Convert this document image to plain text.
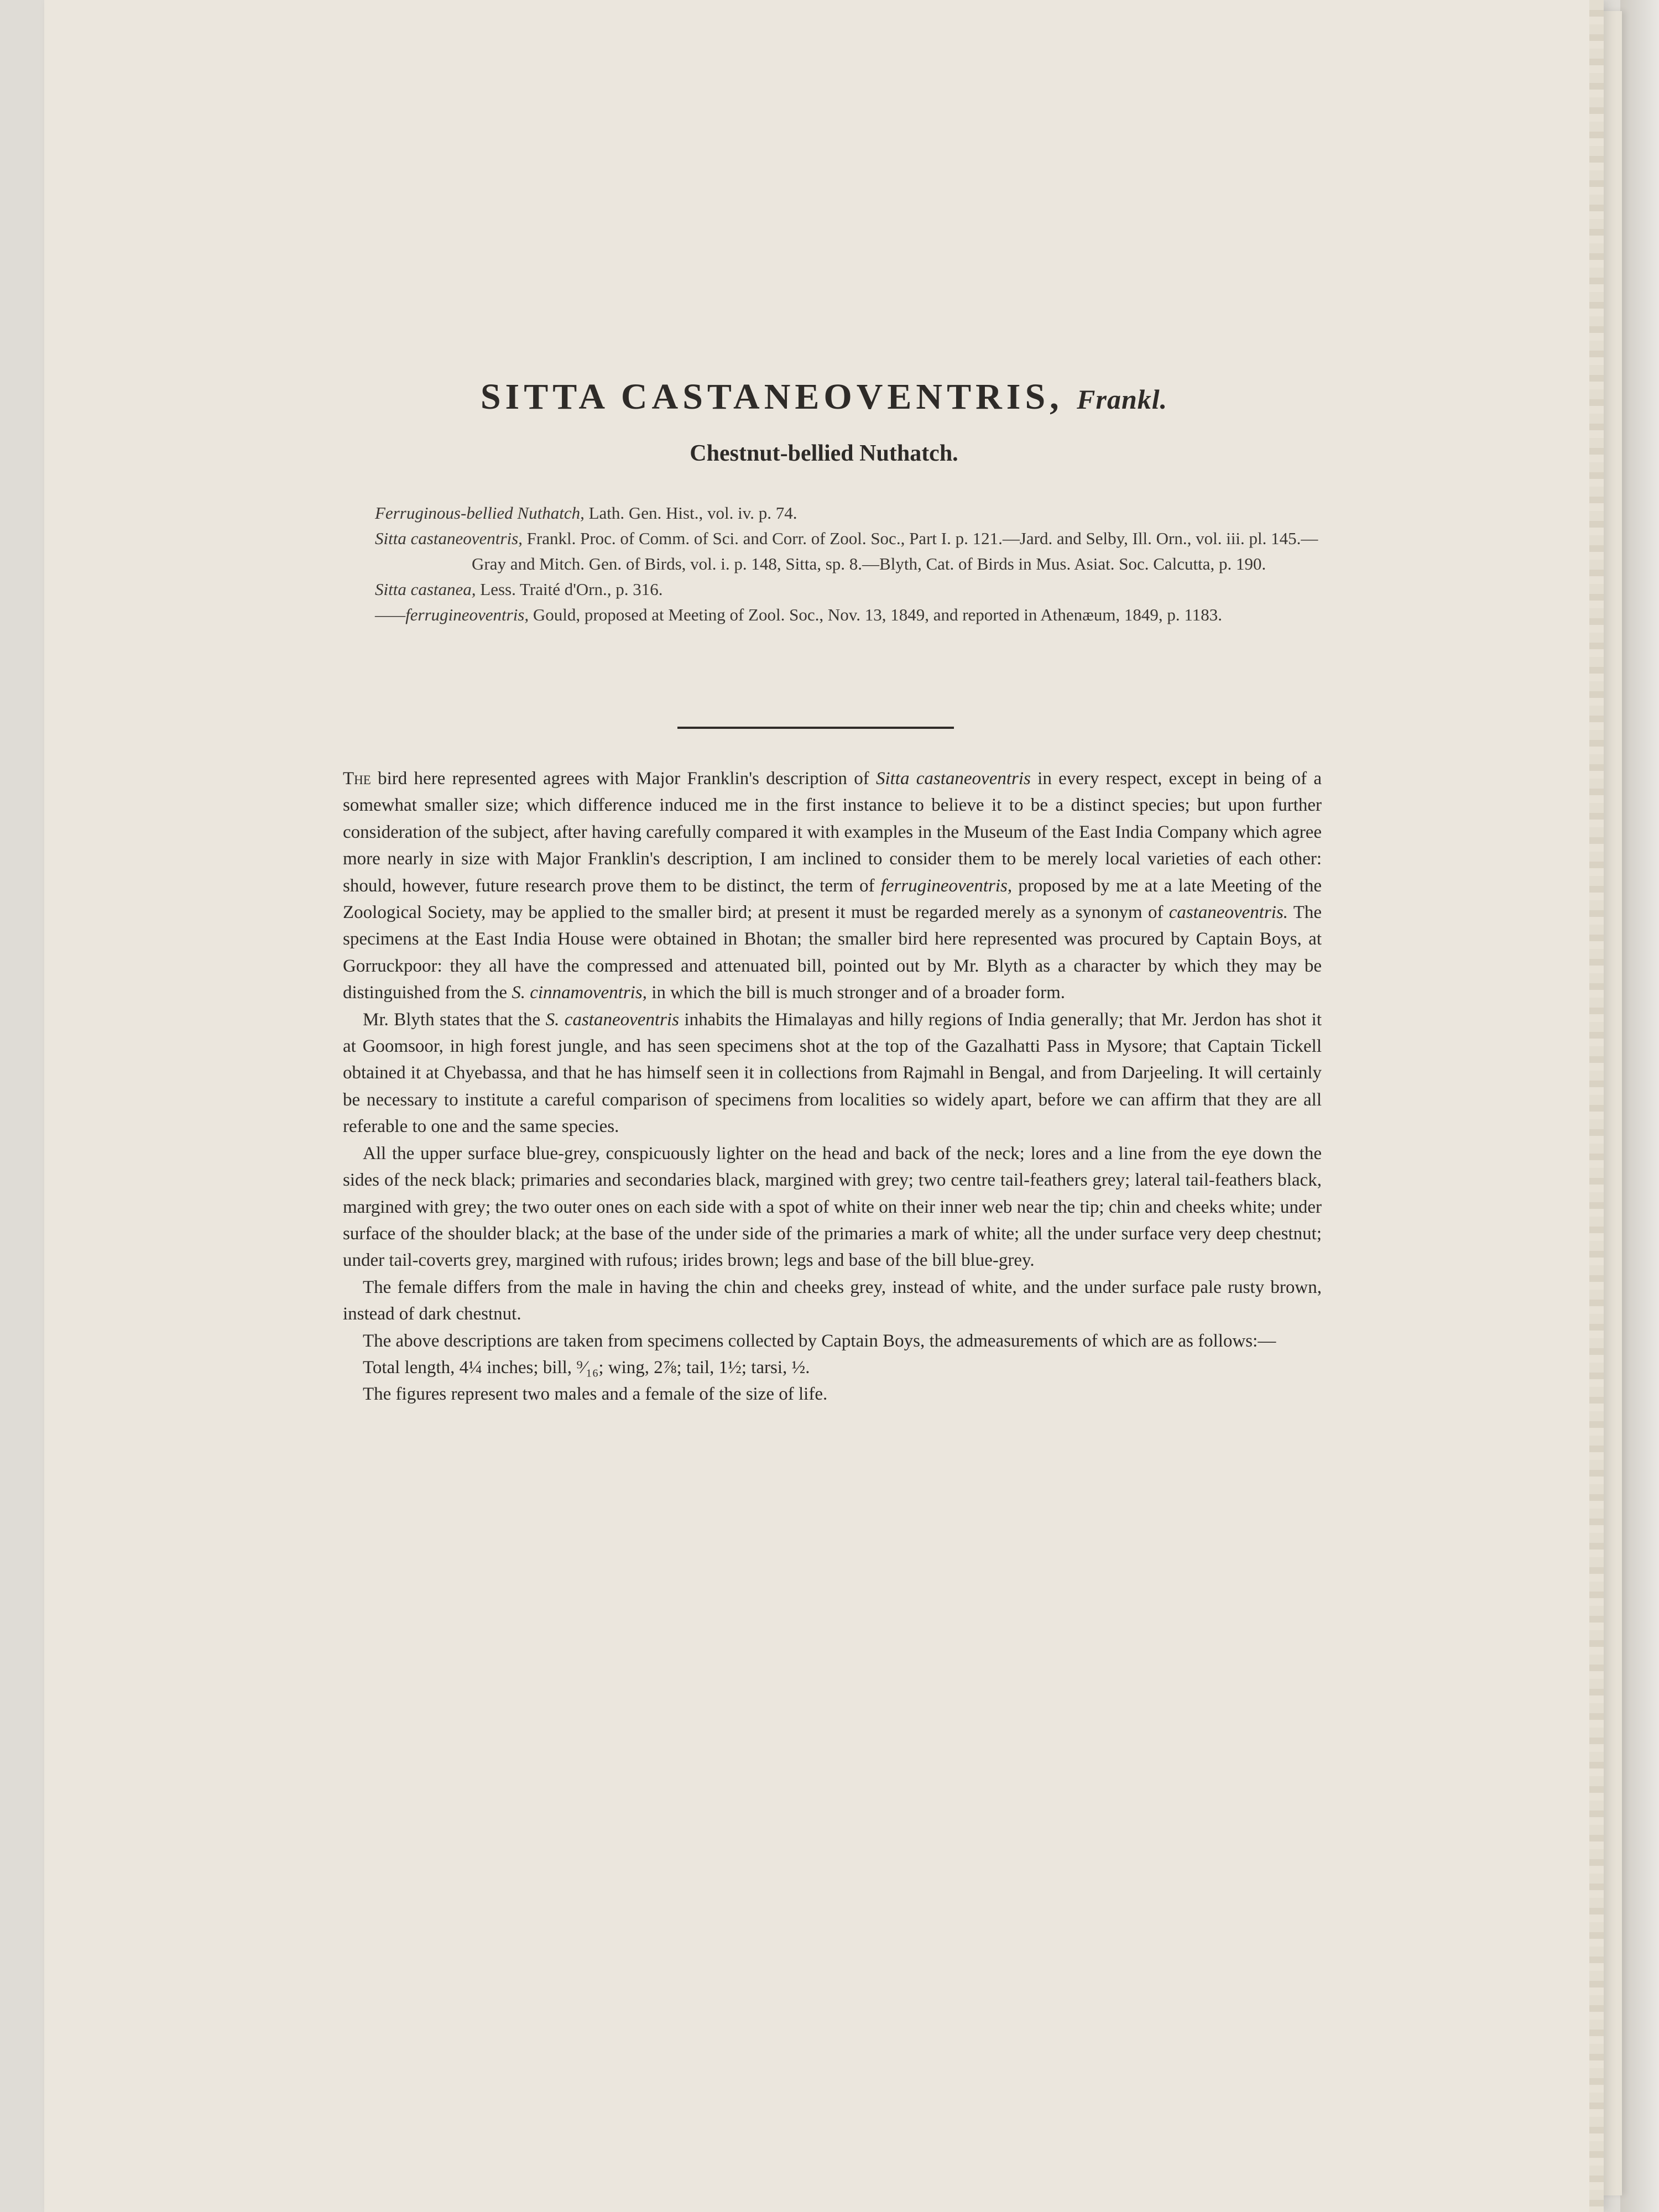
SITTA CASTANEOVENTRIS, Frankl.
Chestnut-bellied Nuthatch.
Ferruginous-bellied Nuthatch, Lath. Gen. Hist., vol. iv. p. 74.
Sitta castaneoventris, Frankl. Proc. of Comm. of Sci. and Corr. of Zool. Soc., Part I. p. 121.—Jard. and Selby, Ill. Orn., vol. iii. pl. 145.—Gray and Mitch. Gen. of Birds, vol. i. p. 148, Sitta, sp. 8.—Blyth, Cat. of Birds in Mus. Asiat. Soc. Calcutta, p. 190.
Sitta castanea, Less. Traité d'Orn., p. 316.
——ferrugineoventris, Gould, proposed at Meeting of Zool. Soc., Nov. 13, 1849, and reported in Athenæum, 1849, p. 1183.

The bird here represented agrees with Major Franklin's description of Sitta castaneoventris in every respect, except in being of a somewhat smaller size; which difference induced me in the first instance to believe it to be a distinct species; but upon further consideration of the subject, after having carefully compared it with examples in the Museum of the East India Company which agree more nearly in size with Major Franklin's description, I am inclined to consider them to be merely local varieties of each other: should, however, future research prove them to be distinct, the term of ferrugineoventris, proposed by me at a late Meeting of the Zoological Society, may be applied to the smaller bird; at present it must be regarded merely as a synonym of castaneoventris. The specimens at the East India House were obtained in Bhotan; the smaller bird here represented was procured by Captain Boys, at Gorruckpoor: they all have the compressed and attenuated bill, pointed out by Mr. Blyth as a character by which they may be distinguished from the S. cinnamoventris, in which the bill is much stronger and of a broader form.

Mr. Blyth states that the S. castaneoventris inhabits the Himalayas and hilly regions of India generally; that Mr. Jerdon has shot it at Goomsoor, in high forest jungle, and has seen specimens shot at the top of the Gazalhatti Pass in Mysore; that Captain Tickell obtained it at Chyebassa, and that he has himself seen it in collections from Rajmahl in Bengal, and from Darjeeling. It will certainly be necessary to institute a careful comparison of specimens from localities so widely apart, before we can affirm that they are all referable to one and the same species.

All the upper surface blue-grey, conspicuously lighter on the head and back of the neck; lores and a line from the eye down the sides of the neck black; primaries and secondaries black, margined with grey; two centre tail-feathers grey; lateral tail-feathers black, margined with grey; the two outer ones on each side with a spot of white on their inner web near the tip; chin and cheeks white; under surface of the shoulder black; at the base of the under side of the primaries a mark of white; all the under surface very deep chestnut; under tail-coverts grey, margined with rufous; irides brown; legs and base of the bill blue-grey.

The female differs from the male in having the chin and cheeks grey, instead of white, and the under surface pale rusty brown, instead of dark chestnut.

The above descriptions are taken from specimens collected by Captain Boys, the admeasurements of which are as follows:—

Total length, 4¼ inches; bill, ⁹⁄₁₆; wing, 2⅞; tail, 1½; tarsi, ½.

The figures represent two males and a female of the size of life.
